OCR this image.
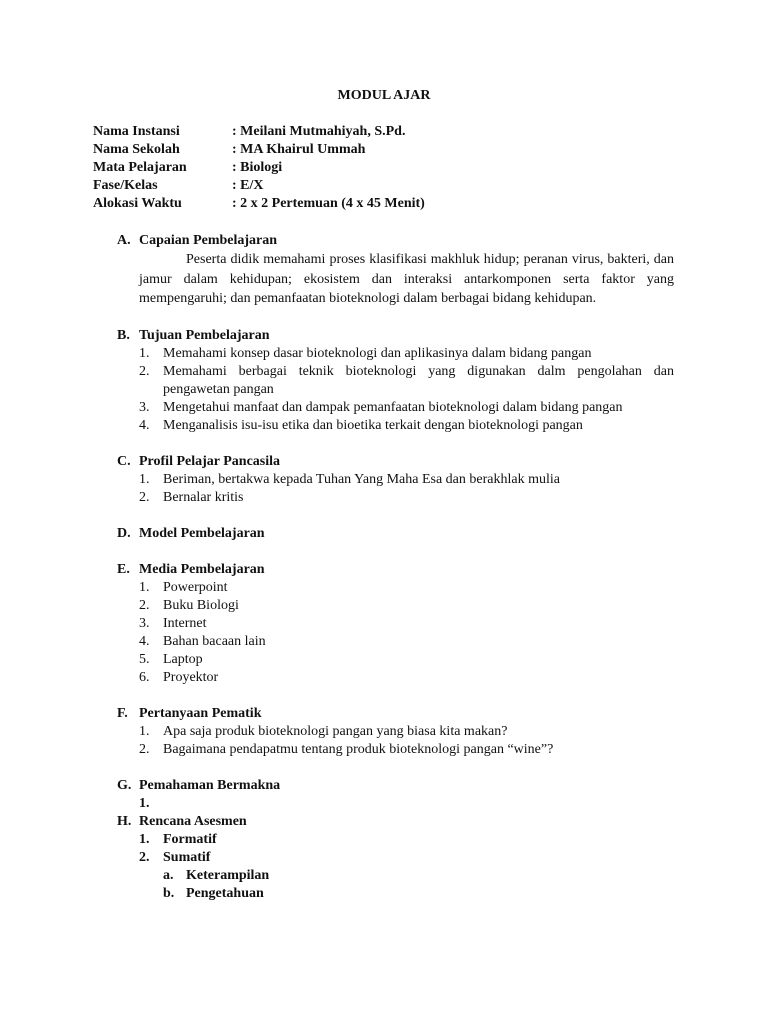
MODUL AJAR
Nama Instansi	: Meilani Mutmahiyah, S.Pd.
Nama Sekolah	: MA Khairul Ummah
Mata Pelajaran	: Biologi
Fase/Kelas	: E/X
Alokasi Waktu	: 2 x 2 Pertemuan (4 x 45 Menit)
A. Capaian Pembelajaran
Peserta didik memahami proses klasifikasi makhluk hidup; peranan virus, bakteri, dan jamur dalam kehidupan; ekosistem dan interaksi antarkomponen serta faktor yang mempengaruhi; dan pemanfaatan bioteknologi dalam berbagai bidang kehidupan.
B. Tujuan Pembelajaran
1. Memahami konsep dasar bioteknologi dan aplikasinya dalam bidang pangan
2. Memahami berbagai teknik bioteknologi yang digunakan dalm pengolahan dan pengawetan pangan
3. Mengetahui manfaat dan dampak pemanfaatan bioteknologi dalam bidang pangan
4. Menganalisis isu-isu etika dan bioetika terkait dengan bioteknologi pangan
C. Profil Pelajar Pancasila
1. Beriman, bertakwa kepada Tuhan Yang Maha Esa dan berakhlak mulia
2. Bernalar kritis
D. Model Pembelajaran
E. Media Pembelajaran
1. Powerpoint
2. Buku Biologi
3. Internet
4. Bahan bacaan lain
5. Laptop
6. Proyektor
F. Pertanyaan Pematik
1. Apa saja produk bioteknologi pangan yang biasa kita makan?
2. Bagaimana pendapatmu tentang produk bioteknologi pangan “wine”?
G. Pemahaman Bermakna
1.
H. Rencana Asesmen
1. Formatif
2. Sumatif
a. Keterampilan
b. Pengetahuan
